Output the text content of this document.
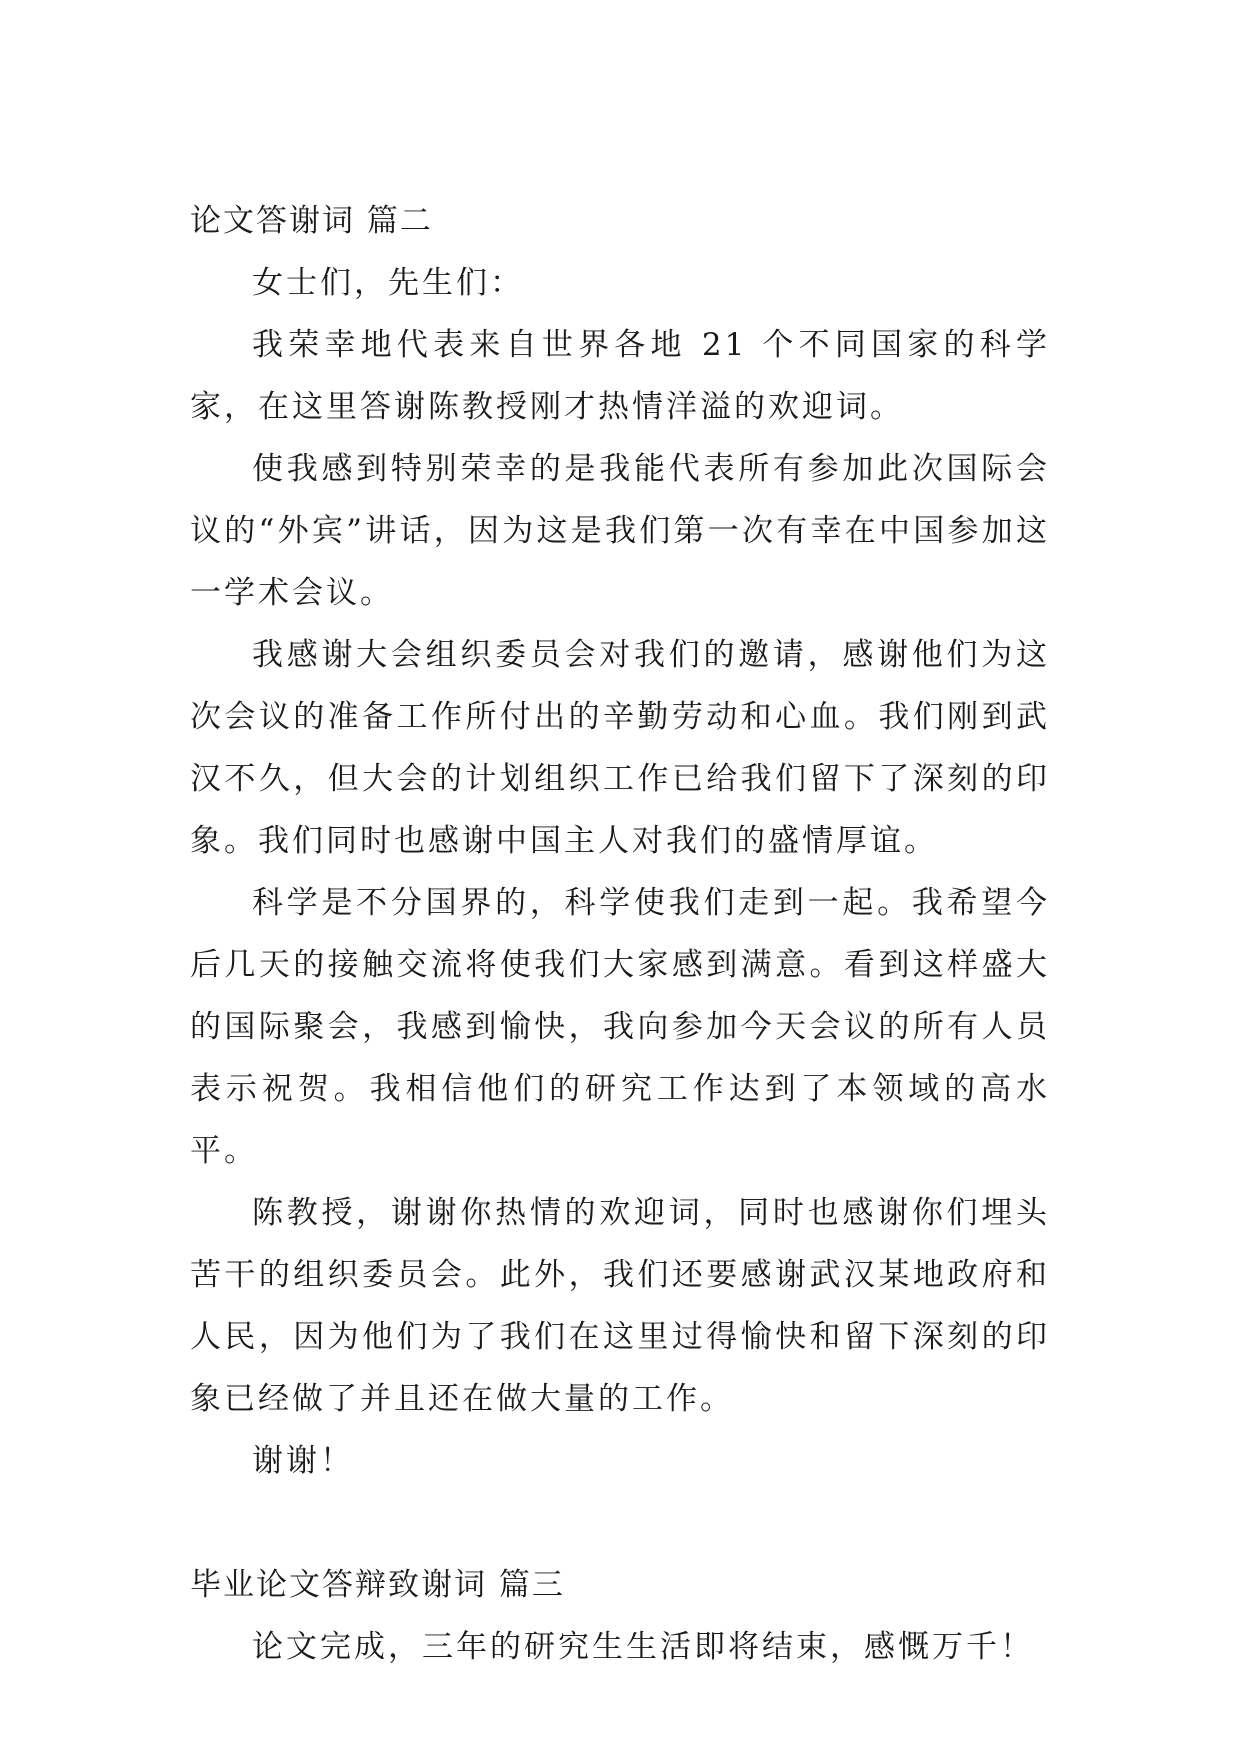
论文答谢词 篇二

女士们，先生们：

我荣幸地代表来自世界各地 21 个不同国家的科学家，在这里答谢陈教授刚才热情洋溢的欢迎词。

使我感到特别荣幸的是我能代表所有参加此次国际会议的“外宾”讲话，因为这是我们第一次有幸在中国参加这一学术会议。

我感谢大会组织委员会对我们的邀请，感谢他们为这次会议的准备工作所付出的辛勤劳动和心血。我们刚到武汉不久，但大会的计划组织工作已给我们留下了深刻的印象。我们同时也感谢中国主人对我们的盛情厚谊。

科学是不分国界的，科学使我们走到一起。我希望今后几天的接触交流将使我们大家感到满意。看到这样盛大的国际聚会，我感到愉快，我向参加今天会议的所有人员表示祝贺。我相信他们的研究工作达到了本领域的高水平。

陈教授，谢谢你热情的欢迎词，同时也感谢你们埋头苦干的组织委员会。此外，我们还要感谢武汉某地政府和人民，因为他们为了我们在这里过得愉快和留下深刻的印象已经做了并且还在做大量的工作。

谢谢！

毕业论文答辩致谢词 篇三

论文完成，三年的研究生生活即将结束，感慨万千！
